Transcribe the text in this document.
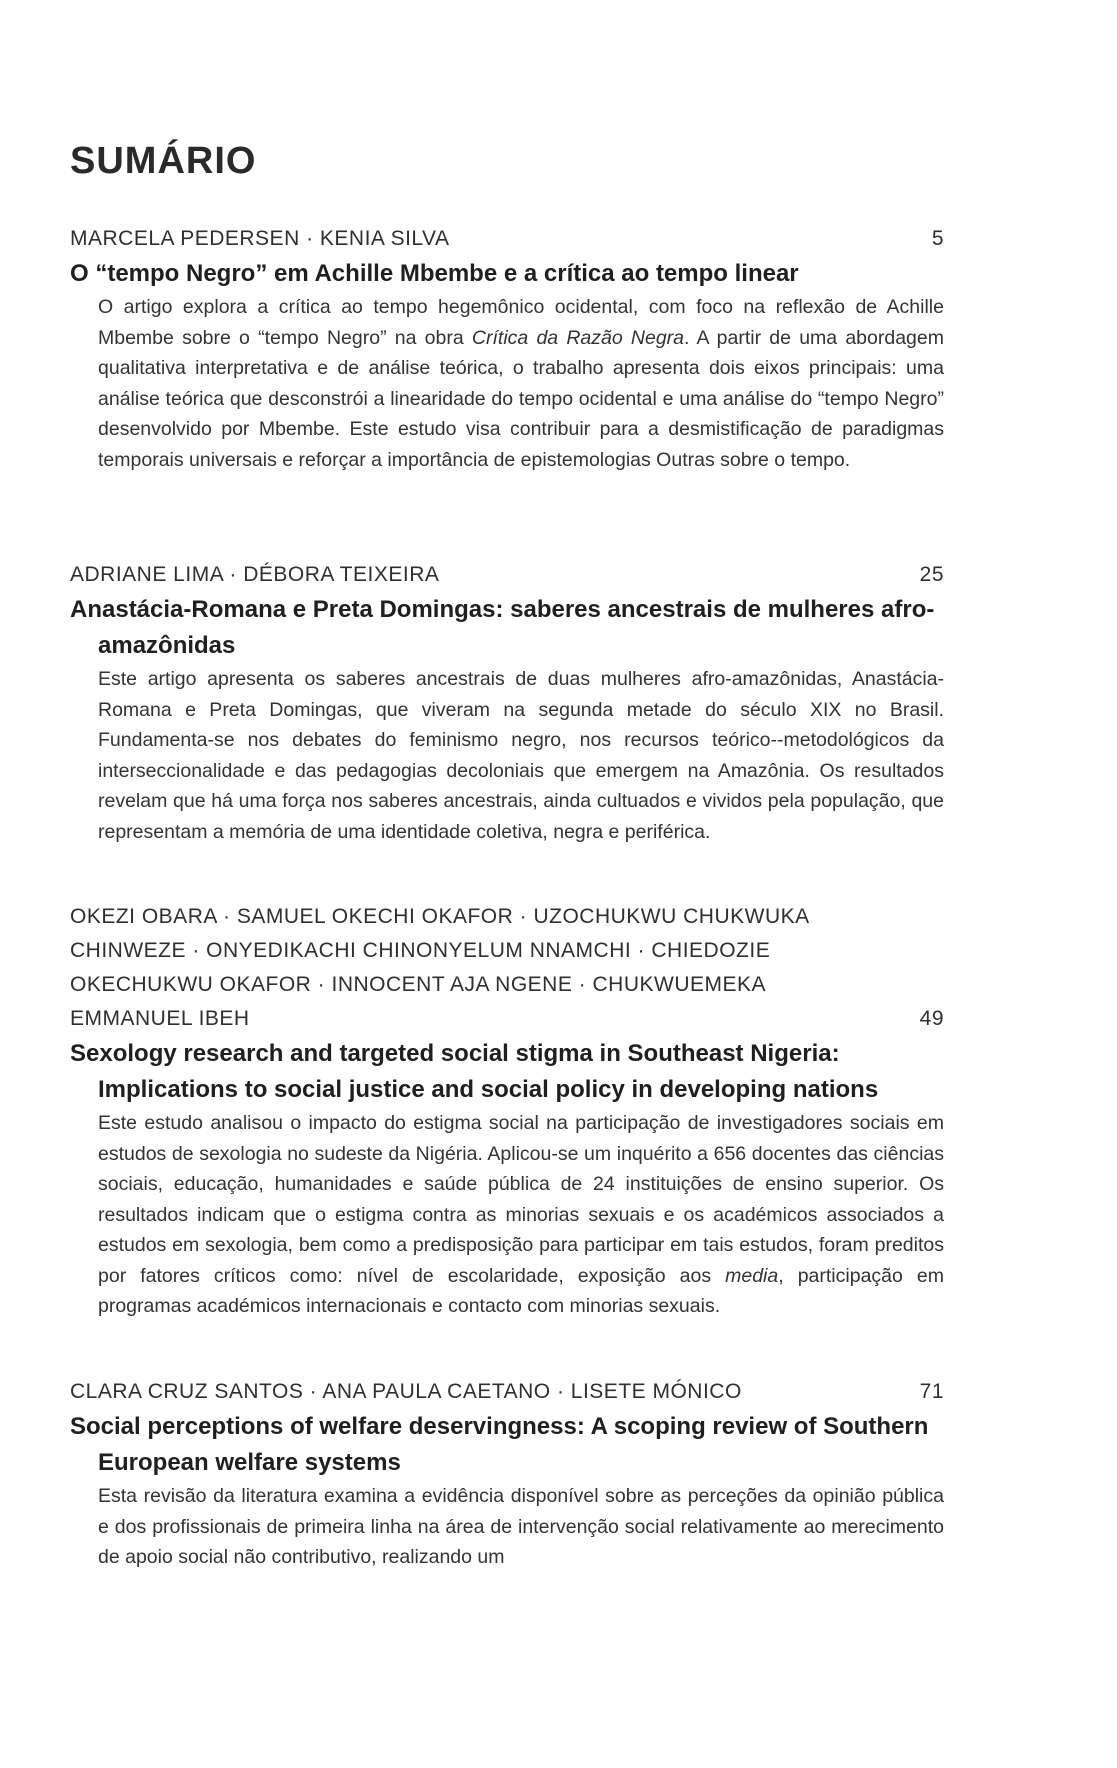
SUMÁRIO
MARCELA PEDERSEN · KENIA SILVA	5

O “tempo Negro” em Achille Mbembe e a crítica ao tempo linear

O artigo explora a crítica ao tempo hegemônico ocidental, com foco na reflexão de Achille Mbembe sobre o “tempo Negro” na obra Crítica da Razão Negra. A partir de uma abordagem qualitativa interpretativa e de análise teórica, o trabalho apresenta dois eixos principais: uma análise teórica que desconstrói a linearidade do tempo ocidental e uma análise do “tempo Negro” desenvolvido por Mbembe. Este estudo visa contribuir para a desmistificação de paradigmas temporais universais e reforçar a importância de epistemologias Outras sobre o tempo.

ADRIANE LIMA · DÉBORA TEIXEIRA	25

Anastácia-Romana e Preta Domingas: saberes ancestrais de mulheres afro-amazônidas

Este artigo apresenta os saberes ancestrais de duas mulheres afro-amazônidas, Anastácia-Romana e Preta Domingas, que viveram na segunda metade do século XIX no Brasil. Fundamenta-se nos debates do feminismo negro, nos recursos teórico--metodológicos da interseccionalidade e das pedagogias decoloniais que emergem na Amazônia. Os resultados revelam que há uma força nos saberes ancestrais, ainda cultuados e vividos pela população, que representam a memória de uma identidade coletiva, negra e periférica.

OKEZI OBARA · SAMUEL OKECHI OKAFOR · UZOCHUKWU CHUKWUKA CHINWEZE · ONYEDIKACHI CHINONYELUM NNAMCHI · CHIEDOZIE OKECHUKWU OKAFOR · INNOCENT AJA NGENE · CHUKWUEMEKA EMMANUEL IBEH	49

Sexology research and targeted social stigma in Southeast Nigeria: Implications to social justice and social policy in developing nations

Este estudo analisou o impacto do estigma social na participação de investigadores sociais em estudos de sexologia no sudeste da Nigéria. Aplicou-se um inquérito a 656 docentes das ciências sociais, educação, humanidades e saúde pública de 24 instituições de ensino superior. Os resultados indicam que o estigma contra as minorias sexuais e os académicos associados a estudos em sexologia, bem como a predisposição para participar em tais estudos, foram preditos por fatores críticos como: nível de escolaridade, exposição aos media, participação em programas académicos internacionais e contacto com minorias sexuais.

CLARA CRUZ SANTOS · ANA PAULA CAETANO · LISETE MÓNICO	71

Social perceptions of welfare deservingness: A scoping review of Southern European welfare systems

Esta revisão da literatura examina a evidência disponível sobre as perceções da opinião pública e dos profissionais de primeira linha na área de intervenção social relativamente ao merecimento de apoio social não contributivo, realizando um
